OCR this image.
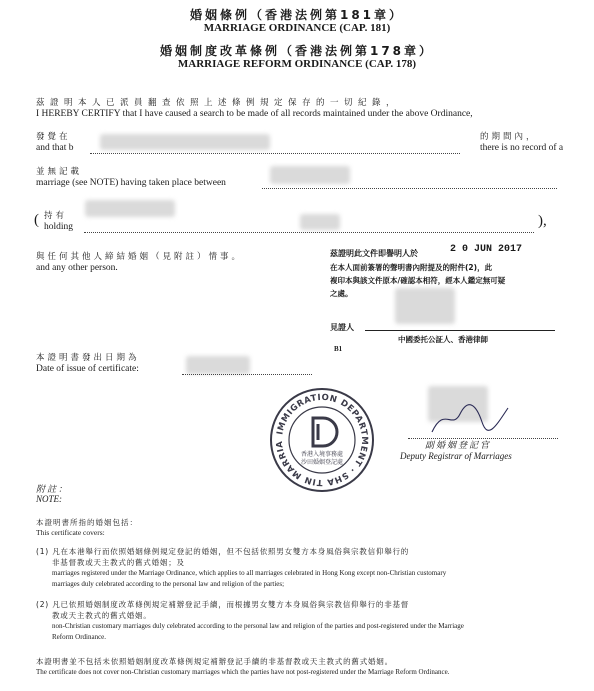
婚姻條例（香港法例第181章）
MARRIAGE ORDINANCE (CAP. 181)
婚姻制度改革條例（香港法例第178章）
MARRIAGE REFORM ORDINANCE (CAP. 178)
茲證明本人已派員翻查依照上述條例規定保存的一切紀錄，
I HEREBY CERTIFY that I have caused a search to be made of all records maintained under the above Ordinance,
發覺在	的期間內，
and that b	there is no record of a
並無記載
marriage (see NOTE) having taken place between
( 持有
holding	),
與任何其他人締結婚姻（見附註）情事。
and any other person.
茲證明此文件即譽明人於	2 0 JUN 2017
在本人面前簽署的聲明書內附提及的附件(2)，此
複印本與該文件原本/確認本相符，經本人鑑定無可疑
之處。
見證人
中國委托公証人、香港律師
B1
本證明書發出日期為
Date of issue of certificate:
IMMIGRATION DEPARTMENT · SHA TIN MARRIA
香港入境事務處
沙田婚姻登記處
副婚姻登記官
Deputy Registrar of Marriages
附註：
NOTE:
本證明書所指的婚姻包括：
This certificate covers:
(1) 凡在本港舉行而依照婚姻條例規定登記的婚姻，但不包括依照男女雙方本身風俗與宗教信仰舉行的
非基督教或天主教式的舊式婚姻；及
marriages registered under the Marriage Ordinance, which applies to all marriages celebrated in Hong Kong except non-Christian customary
marriages duly celebrated according to the personal law and religion of the parties;
(2) 凡已依照婚姻制度改革條例規定補辦登記手續，而根據男女雙方本身風俗與宗教信仰舉行的非基督
教或天主教式的舊式婚姻。
non-Christian customary marriages duly celebrated according to the personal law and religion of the parties and post-registered under the Marriage
Reform Ordinance.
本證明書並不包括未依照婚姻制度改革條例規定補辦登記手續的非基督教或天主教式的舊式婚姻。
The certificate does not cover non-Christian customary marriages which the parties have not post-registered under the Marriage Reform Ordinance.
